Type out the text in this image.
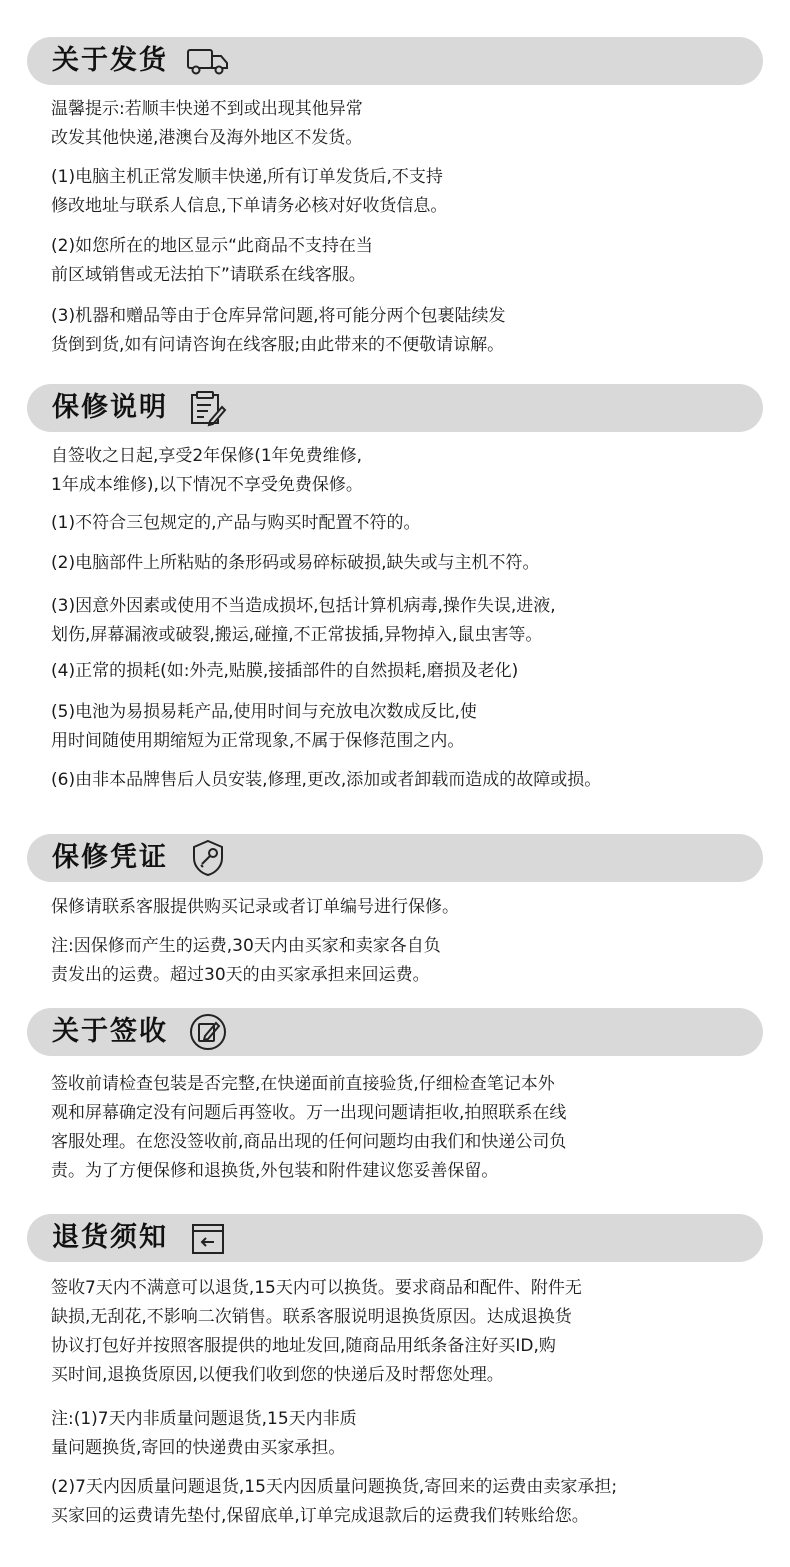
关于发货

温馨提示:若顺丰快递不到或出现其他异常
改发其他快递,港澳台及海外地区不发货。

(1)电脑主机正常发顺丰快递,所有订单发货后,不支持
修改地址与联系人信息,下单请务必核对好收货信息。

(2)如您所在的地区显示“此商品不支持在当
前区域销售或无法拍下”请联系在线客服。

(3)机器和赠品等由于仓库异常问题,将可能分两个包裹陆续发
货倒到货,如有问请咨询在线客服;由此带来的不便敬请谅解。

保修说明

自签收之日起,享受2年保修(1年免费维修,
1年成本维修),以下情况不享受免费保修。

(1)不符合三包规定的,产品与购买时配置不符的。

(2)电脑部件上所粘贴的条形码或易碎标破损,缺失或与主机不符。

(3)因意外因素或使用不当造成损坏,包括计算机病毒,操作失误,进液,
划伤,屏幕漏液或破裂,搬运,碰撞,不正常拔插,异物掉入,鼠虫害等。

(4)正常的损耗(如:外壳,贴膜,接插部件的自然损耗,磨损及老化)

(5)电池为易损易耗产品,使用时间与充放电次数成反比,使
用时间随使用期缩短为正常现象,不属于保修范围之内。

(6)由非本品牌售后人员安装,修理,更改,添加或者卸载而造成的故障或损。

保修凭证

保修请联系客服提供购买记录或者订单编号进行保修。

注:因保修而产生的运费,30天内由买家和卖家各自负
责发出的运费。超过30天的由买家承担来回运费。

关于签收

签收前请检查包装是否完整,在快递面前直接验货,仔细检查笔记本外
观和屏幕确定没有问题后再签收。万一出现问题请拒收,拍照联系在线
客服处理。在您没签收前,商品出现的任何问题均由我们和快递公司负
责。为了方便保修和退换货,外包装和附件建议您妥善保留。

退货须知

签收7天内不满意可以退货,15天内可以换货。要求商品和配件、附件无
缺损,无刮花,不影响二次销售。联系客服说明退换货原因。达成退换货
协议打包好并按照客服提供的地址发回,随商品用纸条备注好买ID,购
买时间,退换货原因,以便我们收到您的快递后及时帮您处理。

注:(1)7天内非质量问题退货,15天内非质
量问题换货,寄回的快递费由买家承担。

(2)7天内因质量问题退货,15天内因质量问题换货,寄回来的运费由卖家承担;
买家回的运费请先垫付,保留底单,订单完成退款后的运费我们转账给您。
